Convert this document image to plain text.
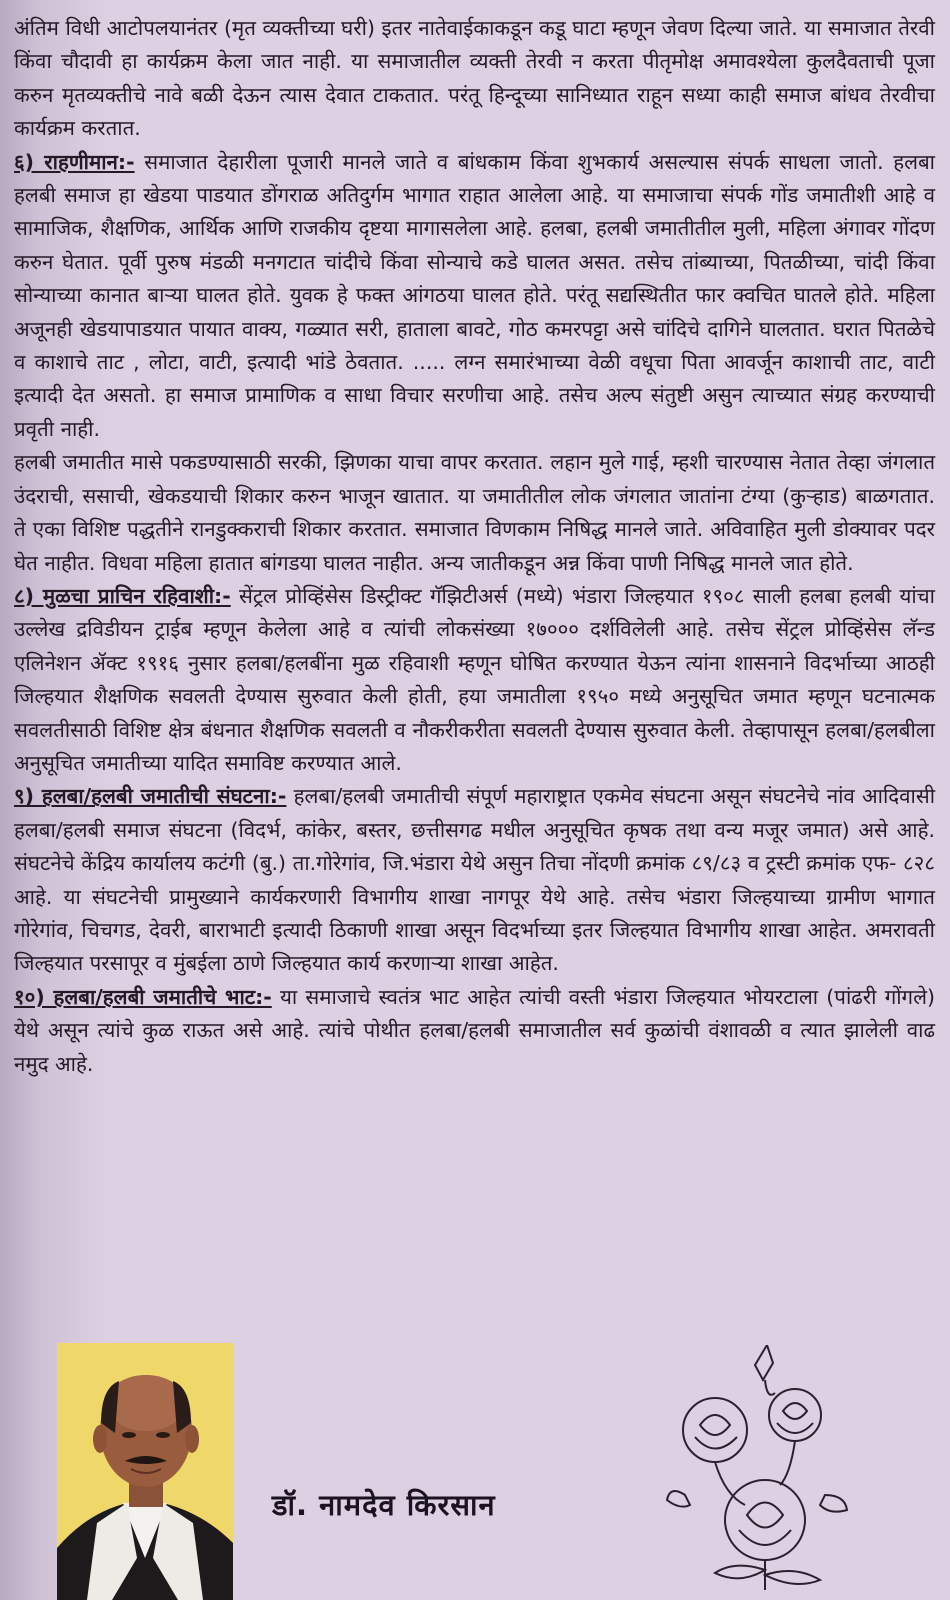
अंतिम विधी आटोपलयानंतर (मृत व्यक्तीच्या घरी) इतर नातेवाईकाकडून कडू घाटा म्हणून जेवण दिल्या जाते. या समाजात तेरवी किंवा चौदावी हा कार्यक्रम केला जात नाही. या समाजातील व्यक्ती तेरवी न करता पीतृमोक्ष अमावश्येला कुलदैवताची पूजा करुन मृतव्यक्तीचे नावे बळी देऊन त्यास देवात टाकतात. परंतू हिन्दूच्या सानिध्यात राहून सध्या काही समाज बांधव तेरवीचा कार्यक्रम करतात.

६) राहणीमान:- समाजात देहारीला पूजारी मानले जाते व बांधकाम किंवा शुभकार्य असल्यास संपर्क साधला जातो. हलबा हलबी समाज हा खेडया पाडयात डोंगराळ अतिदुर्गम भागात राहात आलेला आहे. या समाजाचा संपर्क गोंड जमातीशी आहे व सामाजिक, शैक्षणिक, आर्थिक आणि राजकीय दृष्टया मागासलेला आहे. हलबा, हलबी जमातीतील मुली, महिला अंगावर गोंदण करुन घेतात. पूर्वी पुरुष मंडळी मनगटात चांदीचे किंवा सोन्याचे कडे घालत असत. तसेच तांब्याच्या, पितळीच्या, चांदी किंवा सोन्याच्या कानात बाऱ्या घालत होते. युवक हे फक्त आंगठया घालत होते. परंतू सद्यस्थितीत फार क्वचित घातले होते. महिला अजूनही खेडयापाडयात पायात वाक्य, गळ्यात सरी, हाताला बावटे, गोठ कमरपट्टा असे चांदिचे दागिने घालतात. घरात पितळेचे व काशाचे ताट , लोटा, वाटी, इत्यादी भांडे ठेवतात. ..... लग्न समारंभाच्या वेळी वधूचा पिता आवर्जून काशाची ताट, वाटी इत्यादी देत असतो. हा समाज प्रामाणिक व साधा विचार सरणीचा आहे. तसेच अल्प संतुष्टी असुन त्याच्यात संग्रह करण्याची प्रवृती नाही.

हलबी जमातीत मासे पकडण्यासाठी सरकी, झिणका याचा वापर करतात. लहान मुले गाई, म्हशी चारण्यास नेतात तेव्हा जंगलात उंदराची, ससाची, खेकडयाची शिकार करुन भाजून खातात. या जमातीतील लोक जंगलात जातांना टंग्या (कुऱ्हाड) बाळगतात. ते एका विशिष्ट पद्धतीने रानडुक्कराची शिकार करतात. समाजात विणकाम निषिद्ध मानले जाते. अविवाहित मुली डोक्यावर पदर घेत नाहीत. विधवा महिला हातात बांगडया घालत नाहीत. अन्य जातीकडून अन्न किंवा पाणी निषिद्ध मानले जात होते.

८) मुळचा प्राचिन रहिवाशी:- सेंट्रल प्रोव्हिंसेस डिस्ट्रीक्ट गॅझिटीअर्स (मध्ये) भंडारा जिल्हयात १९०८ साली हलबा हलबी यांचा उल्लेख द्रविडीयन ट्राईब म्हणून केलेला आहे व त्यांची लोकसंख्या १७००० दर्शविलेली आहे. तसेच सेंट्रल प्रोव्हिंसेस लॅन्ड एलिनेशन ॲक्ट १९१६ नुसार हलबा/हलबींना मुळ रहिवाशी म्हणून घोषित करण्यात येऊन त्यांना शासनाने विदर्भाच्या आठही जिल्हयात शैक्षणिक सवलती देण्यास सुरुवात केली होती, हया जमातीला १९५० मध्ये अनुसूचित जमात म्हणून घटनात्मक सवलतीसाठी विशिष्ट क्षेत्र बंधनात शैक्षणिक सवलती व नौकरीकरीता सवलती देण्यास सुरुवात केली. तेव्हापासून हलबा/हलबीला अनुसूचित जमातीच्या यादित समाविष्ट करण्यात आले.

९) हलबा/हलबी जमातीची संघटना:- हलबा/हलबी जमातीची संपूर्ण महाराष्ट्रात एकमेव संघटना असून संघटनेचे नांव आदिवासी हलबा/हलबी समाज संघटना (विदर्भ, कांकेर, बस्तर, छत्तीसगढ मधील अनुसूचित कृषक तथा वन्य मजूर जमात) असे आहे. संघटनेचे केंद्रिय कार्यालय कटंगी (बु.) ता.गोरेगांव, जि.भंडारा येथे असुन तिचा नोंदणी क्रमांक ८९/८३ व ट्रस्टी क्रमांक एफ- ८२८ आहे. या संघटनेची प्रामुख्याने कार्यकरणारी विभागीय शाखा नागपूर येथे आहे. तसेच भंडारा जिल्हयाच्या ग्रामीण भागात गोरेगांव, चिचगड, देवरी, बाराभाटी इत्यादी ठिकाणी शाखा असून विदर्भाच्या इतर जिल्हयात विभागीय शाखा आहेत. अमरावती जिल्हयात परसापूर व मुंबईला ठाणे जिल्हयात कार्य करणाऱ्या शाखा आहेत.

१०) हलबा/हलबी जमातीचे भाट:- या समाजाचे स्वतंत्र भाट आहेत त्यांची वस्ती भंडारा जिल्हयात भोयरटाला (पांढरी गोंगले) येथे असून त्यांचे कुळ राऊत असे आहे. त्यांचे पोथीत हलबा/हलबी समाजातील सर्व कुळांची वंशावळी व त्यात झालेली वाढ नमुद आहे.

डॉ. नामदेव किरसान
